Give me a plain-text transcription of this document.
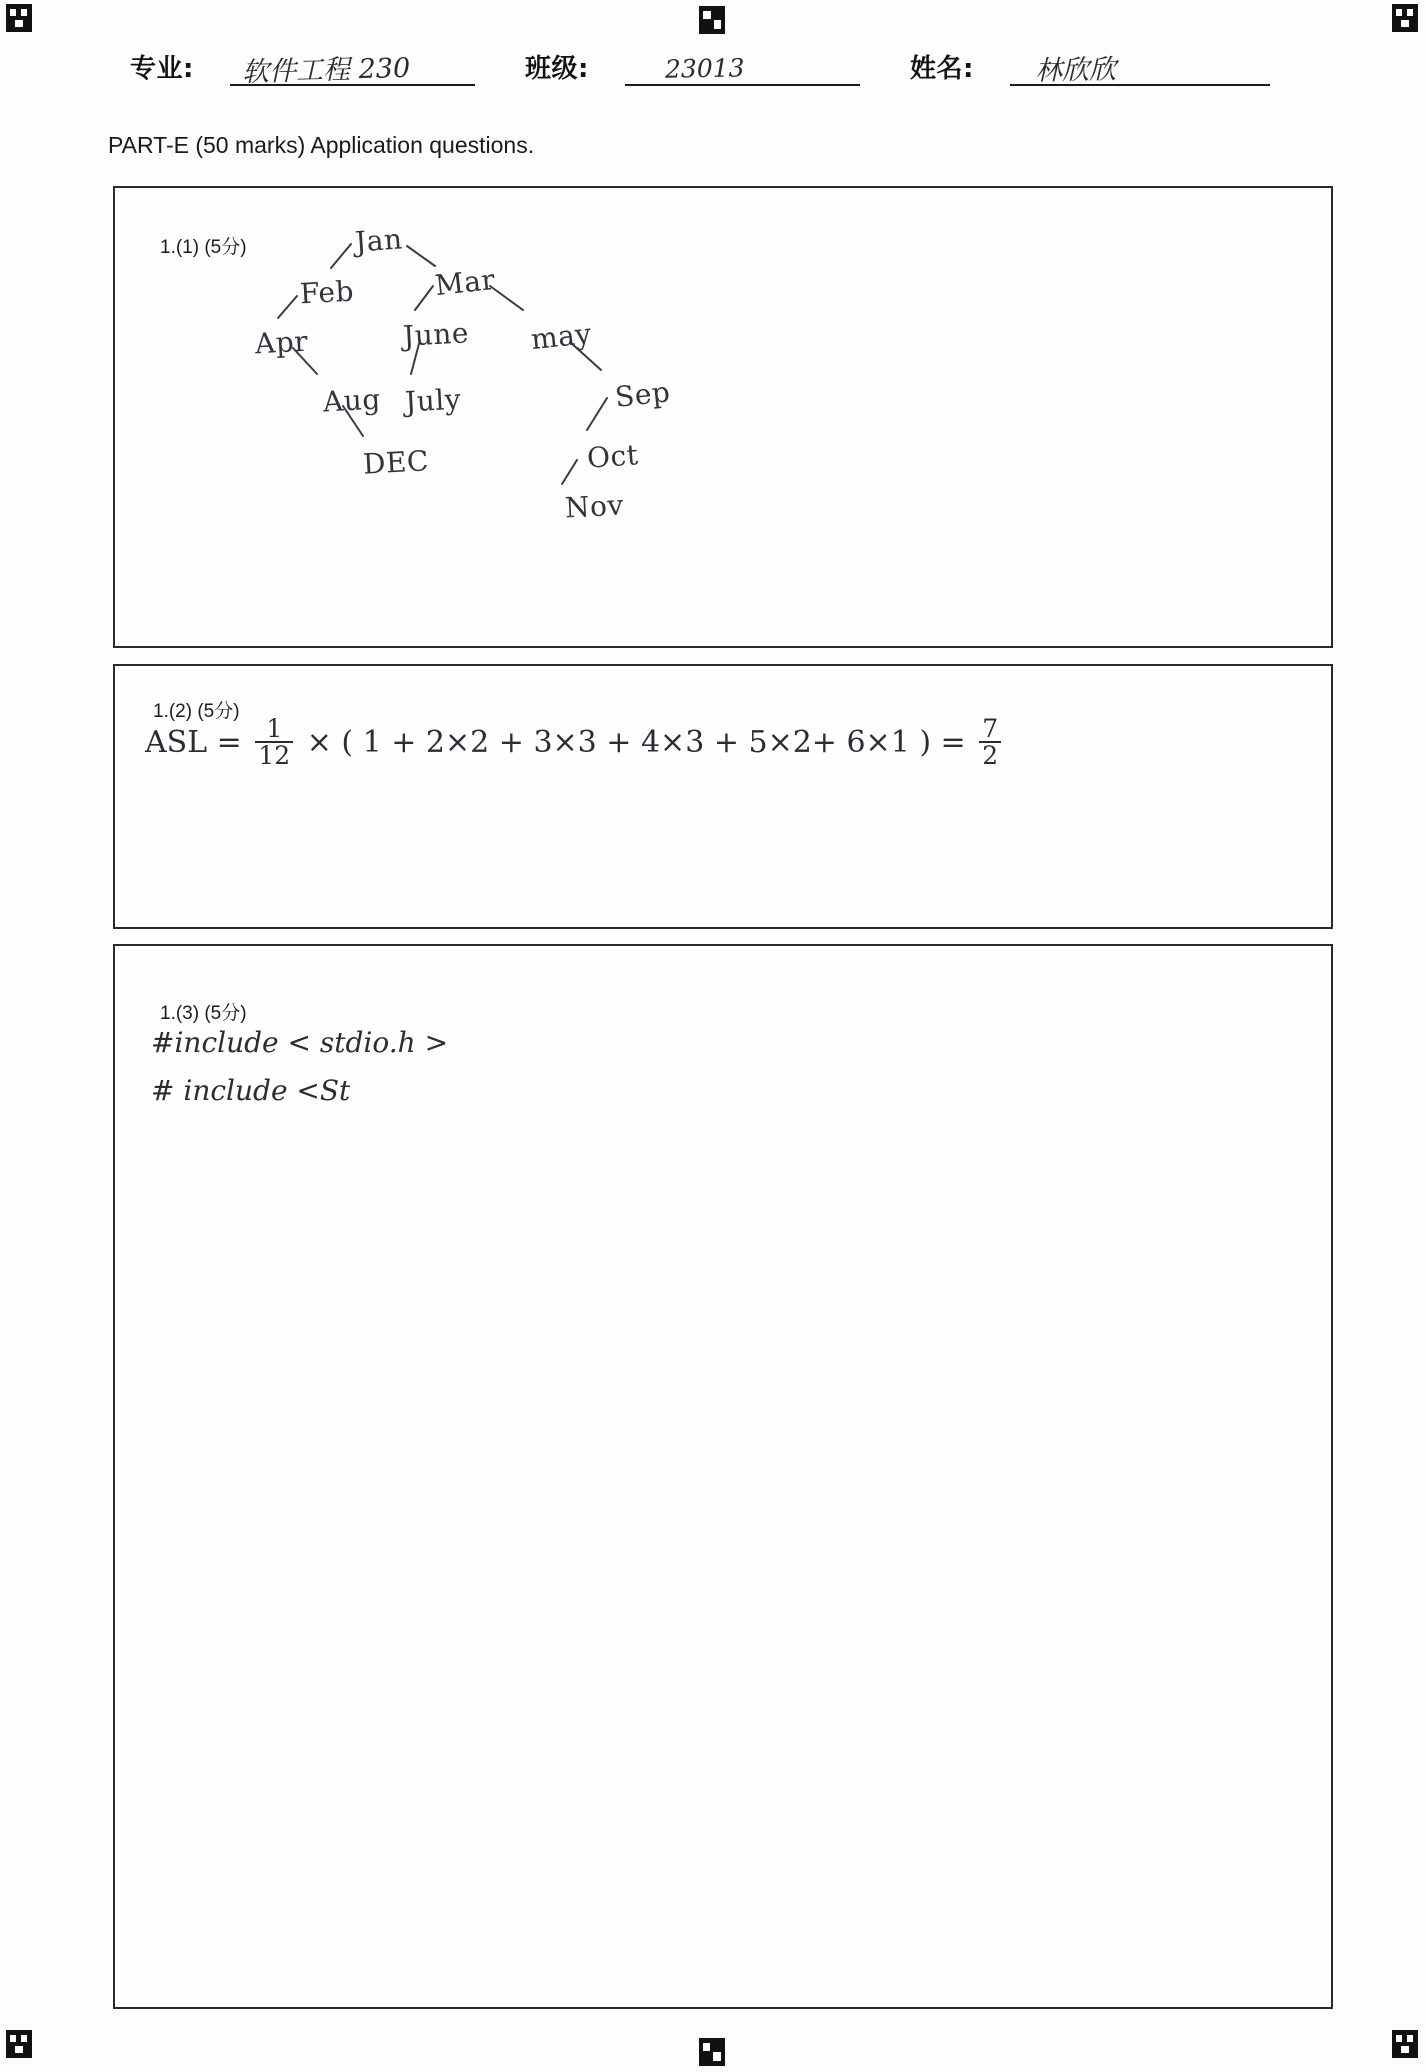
专业: 软件工程 230	班级:	23013	姓名: 林欣欣
PART-E (50 marks) Application questions.
1.(1) (5分)	Jan
Feb	Mar
Apr	June may
Aug July	Sep
DEC	Oct
Nov
1.(2) (5分)
ASL = $\frac{1}{12}$ × ( 1 + 2×2 + 3×3 + 4×3 + 5×2+ 6×1 ) = $\frac{7}{2}$
1.(3) (5分)
#include < stdio.h >
# include <St
